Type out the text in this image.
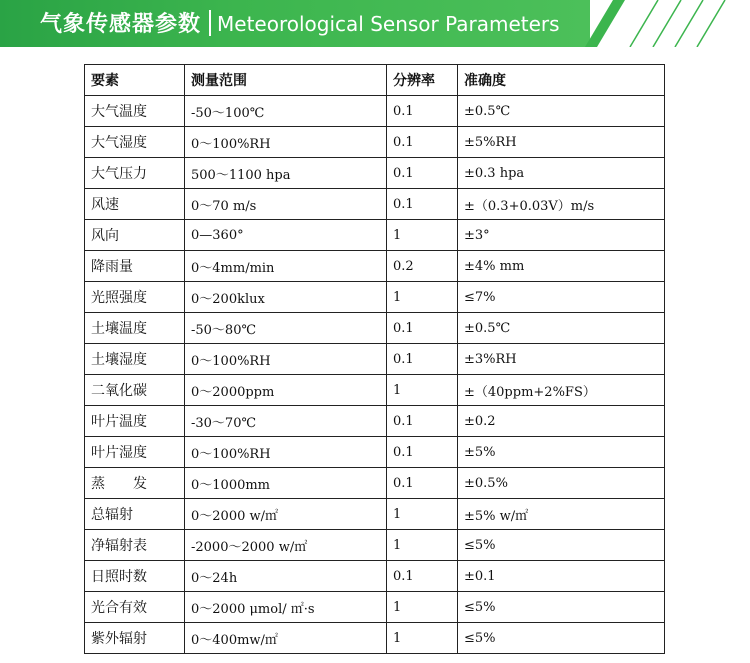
气象传感器参数 Meteorological Sensor Parameters
要素	测量范围	分辨率	准确度
大气温度	-50～100℃	0.1	±0.5℃
大气湿度	0～100%RH	0.1	±5%RH
大气压力	500～1100 hpa	0.1	±0.3 hpa
风速	0～70 m/s	0.1	±（0.3+0.03V）m/s
风向	0—360°	1	±3°
降雨量	0～4mm/min	0.2	±4% mm
光照强度	0～200klux	1	≤7%
土壤温度	-50～80℃	0.1	±0.5℃
土壤湿度	0～100%RH	0.1	±3%RH
二氧化碳	0～2000ppm	1	±（40ppm+2%FS）
叶片温度	-30～70℃	0.1	±0.2
叶片湿度	0～100%RH	0.1	±5%
蒸　　发	0～1000mm	0.1	±0.5%
总辐射	0～2000 w/㎡	1	±5% w/㎡
净辐射表	-2000～2000 w/㎡	1	≤5%
日照时数	0～24h	0.1	±0.1
光合有效	0～2000 μmol/ ㎡·s	1	≤5%
紫外辐射	0～400mw/㎡	1	≤5%
